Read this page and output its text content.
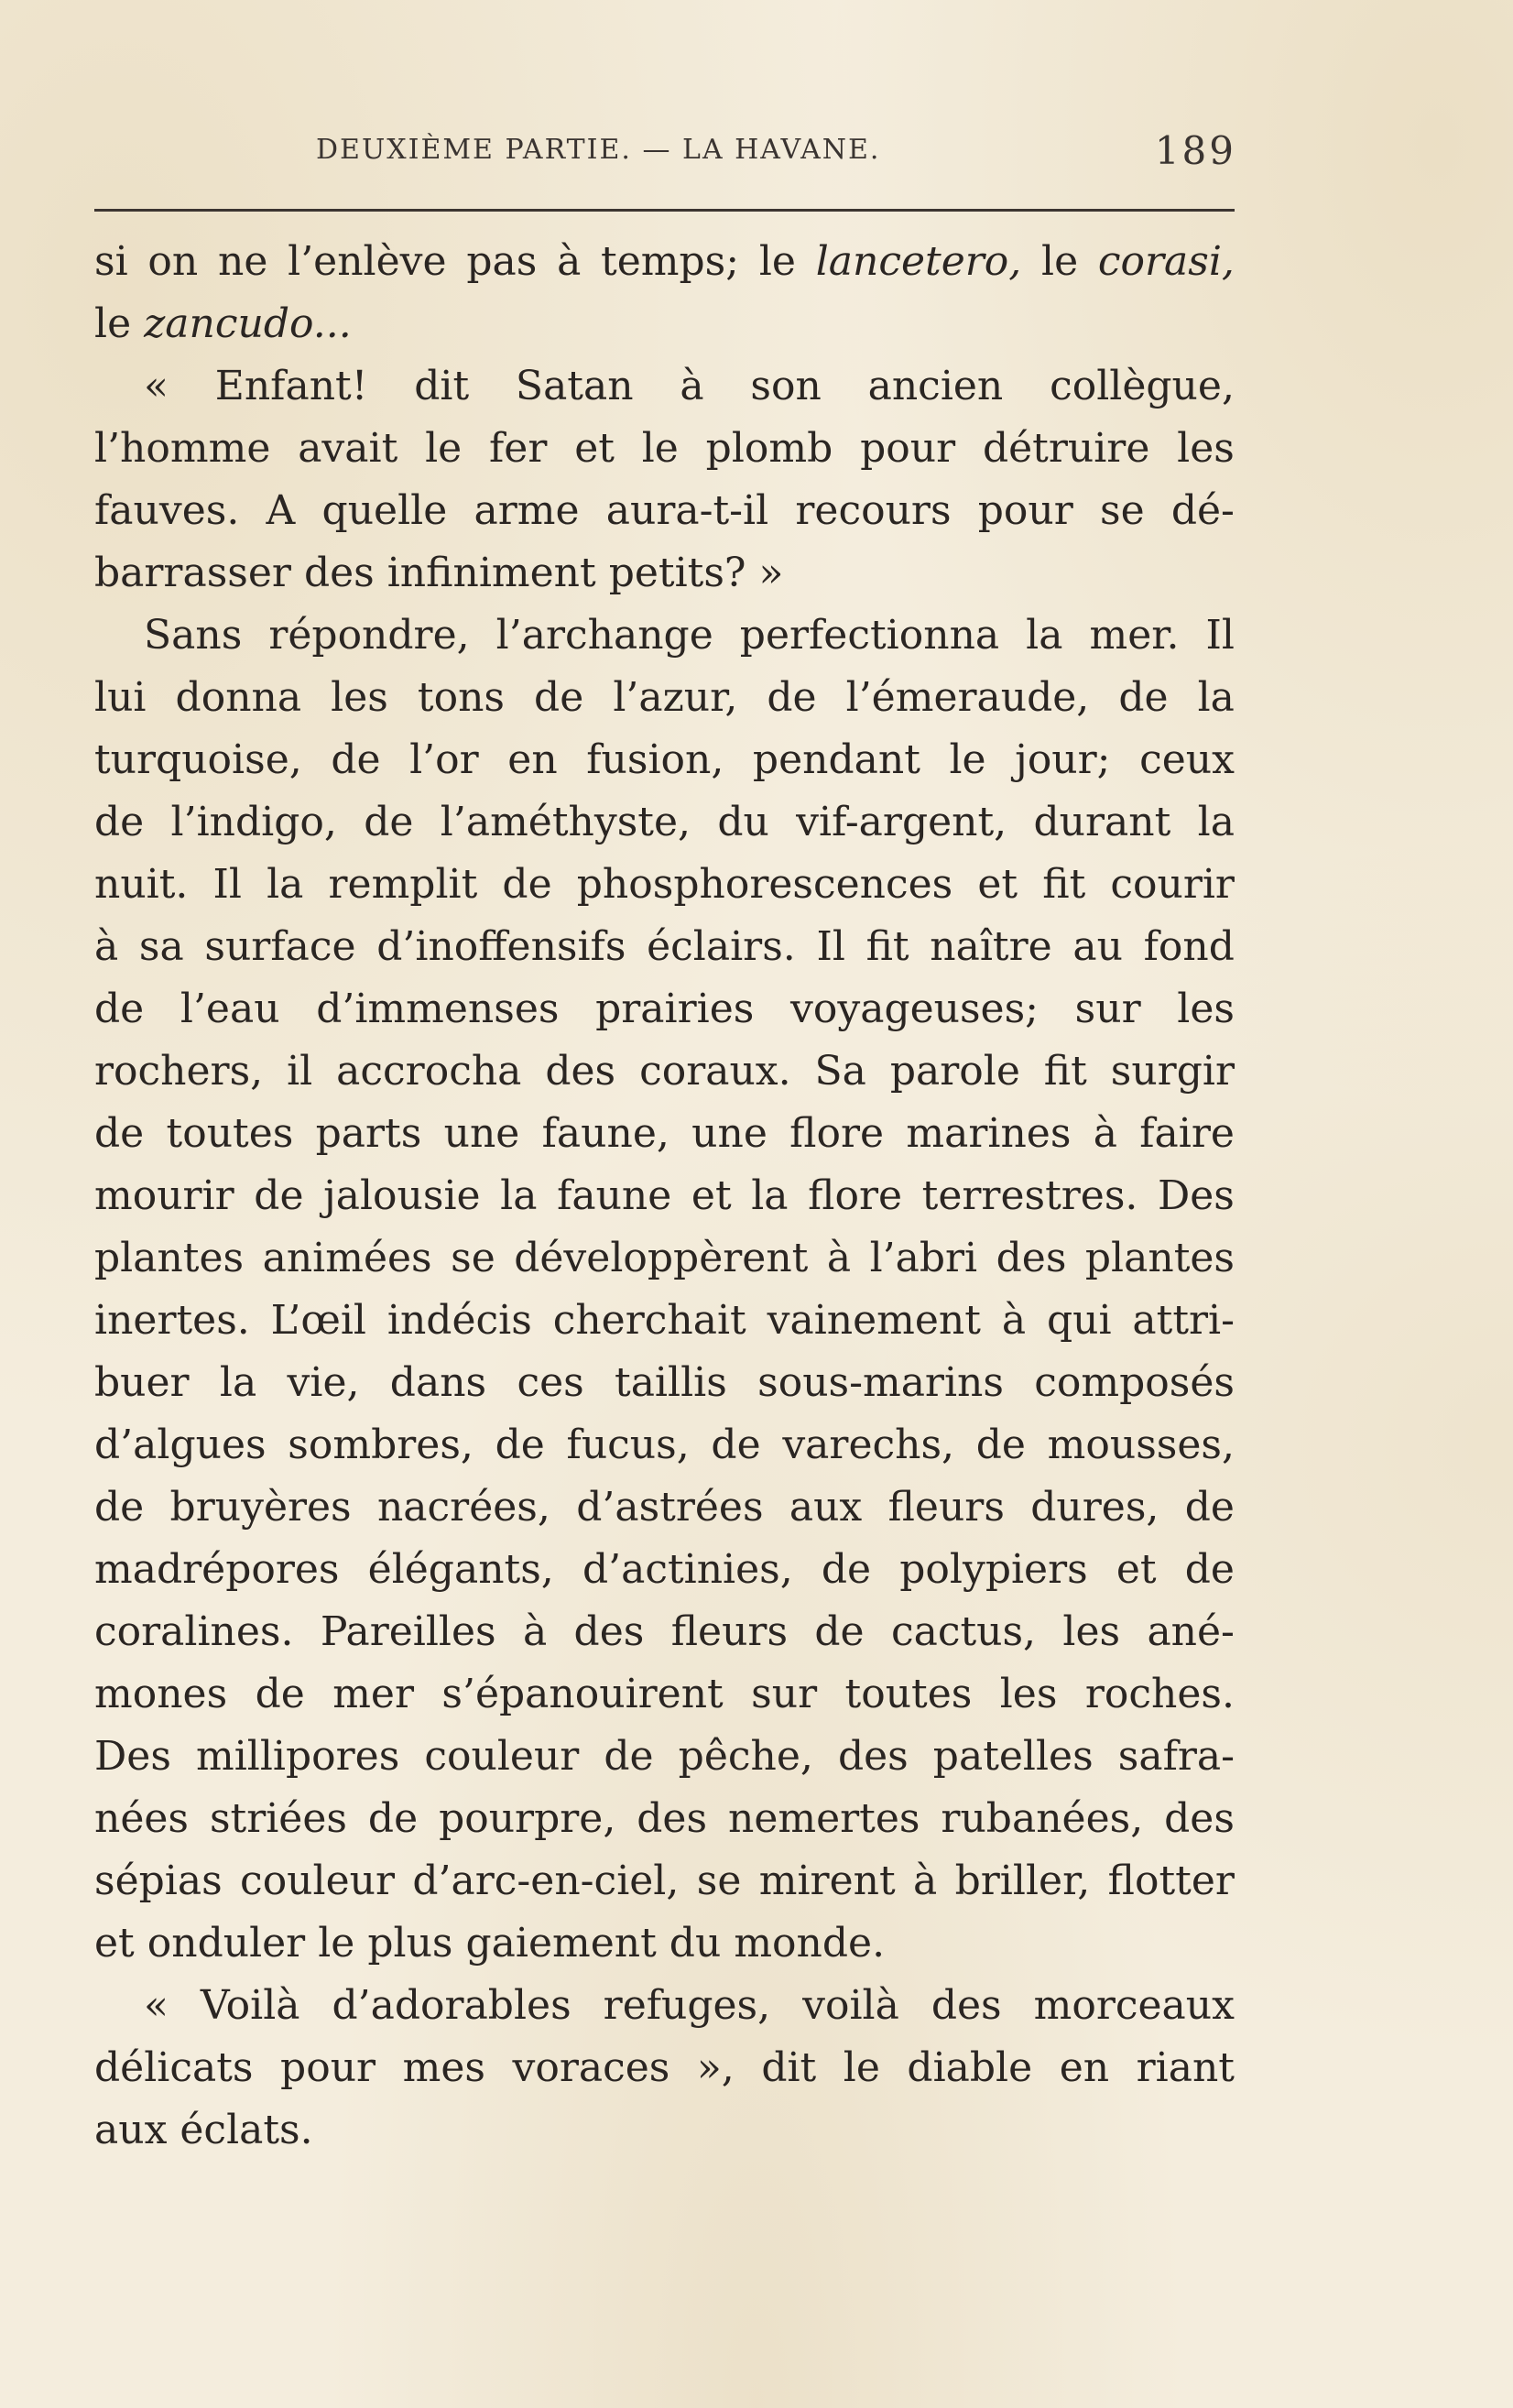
DEUXIÈME PARTIE. — LA HAVANE.	189
si on ne l’enlève pas à temps; le lancetero, le corasi,
le zancudo...
« Enfant! dit Satan à son ancien collègue,
l’homme avait le fer et le plomb pour détruire les
fauves. A quelle arme aura-t-il recours pour se dé-
barrasser des infiniment petits? »
Sans répondre, l’archange perfectionna la mer. Il
lui donna les tons de l’azur, de l’émeraude, de la
turquoise, de l’or en fusion, pendant le jour; ceux
de l’indigo, de l’améthyste, du vif-argent, durant la
nuit. Il la remplit de phosphorescences et fit courir
à sa surface d’inoffensifs éclairs. Il fit naître au fond
de l’eau d’immenses prairies voyageuses; sur les
rochers, il accrocha des coraux. Sa parole fit surgir
de toutes parts une faune, une flore marines à faire
mourir de jalousie la faune et la flore terrestres. Des
plantes animées se développèrent à l’abri des plantes
inertes. L’œil indécis cherchait vainement à qui attri-
buer la vie, dans ces taillis sous-marins composés
d’algues sombres, de fucus, de varechs, de mousses,
de bruyères nacrées, d’astrées aux fleurs dures, de
madrépores élégants, d’actinies, de polypiers et de
coralines. Pareilles à des fleurs de cactus, les ané-
mones de mer s’épanouirent sur toutes les roches.
Des millipores couleur de pêche, des patelles safra-
nées striées de pourpre, des nemertes rubanées, des
sépias couleur d’arc-en-ciel, se mirent à briller, flotter
et onduler le plus gaiement du monde.
« Voilà d’adorables refuges, voilà des morceaux
délicats pour mes voraces », dit le diable en riant
aux éclats.
